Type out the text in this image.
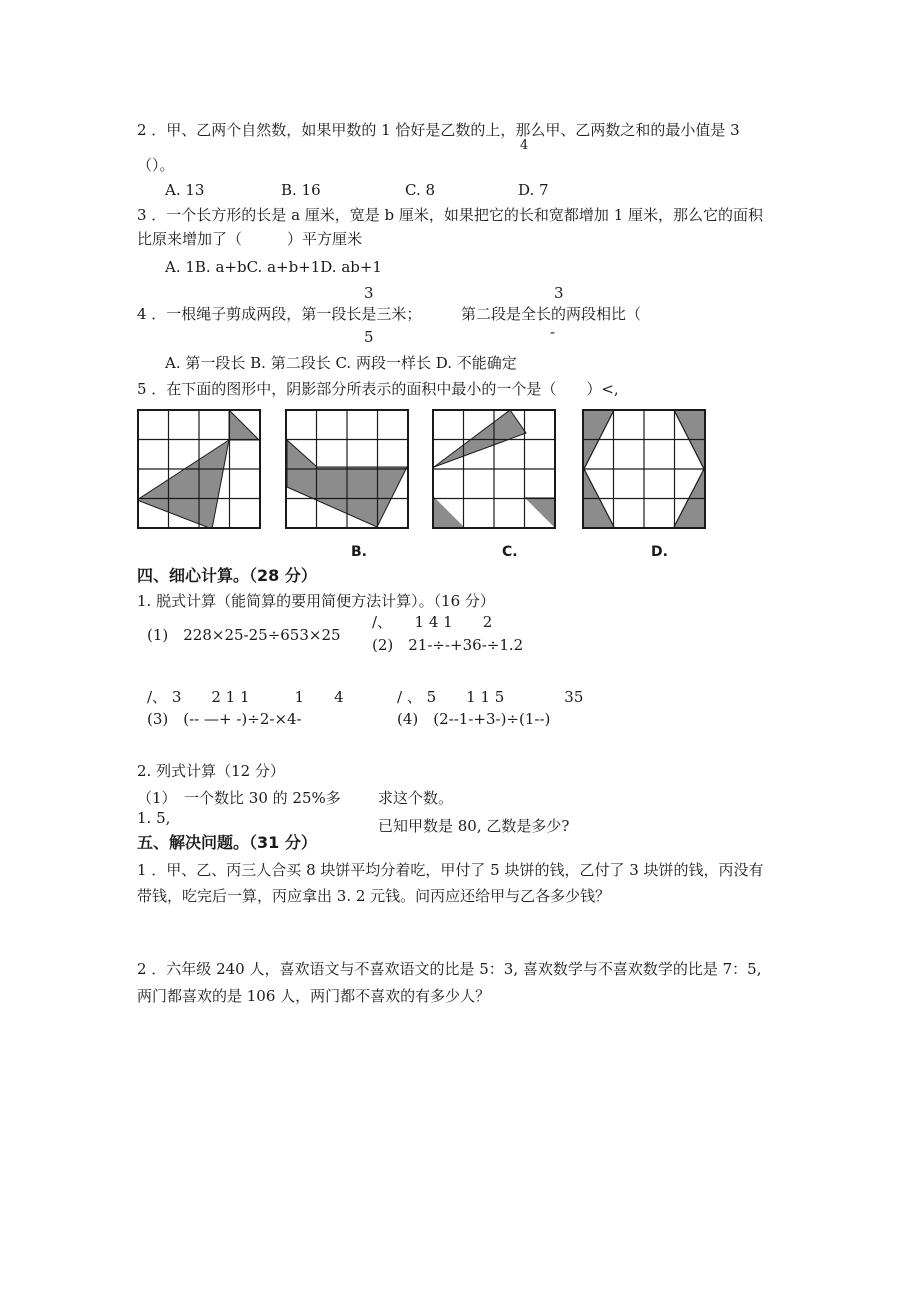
2 ．甲、乙两个自然数，如果甲数的 1 恰好是乙数的上，那么甲、乙两数之和的最小值是 3
4
（）。
A. 13	B. 16	C. 8	D. 7
3 ．一个长方形的长是 a 厘米，宽是 b 厘米，如果把它的长和宽都增加 1 厘米，那么它的面积
比原来增加了（　　　）平方厘米
A. 1B. a+bC. a+b+1D. ab+1
3	3
4 ．一根绳子剪成两段，第一段长是三米；	第二段是全长的两段相比（
5	-
A. 第一段长 B. 第二段长 C. 两段一样长 D. 不能确定
5 ．在下面的图形中，阴影部分所表示的面积中最小的一个是（　　）<,
B.	C.	D.
四、细心计算。（28 分）
1. 脱式计算（能简算的要用简便方法计算）。（16 分）
(1)　228×25-25÷653×25
/、　　1 4 1　　2
(2)　21-÷-+36-÷1.2
/、 3　　2 1 1　　　1　　4
(3)　(-- —+ -)÷2-×4-
/ 、 5　　1 1 5　　　　35
(4)　(2--1-+3-)÷(1--)
2. 列式计算（12 分）
（1）　一个数比 30 的 25%多 求这个数。
1. 5,	已知甲数是 80, 乙数是多少?
五、解决问题。（31 分）
1 ．甲、乙、丙三人合买 8 块饼平均分着吃，甲付了 5 块饼的钱，乙付了 3 块饼的钱，丙没有
带钱，吃完后一算，丙应拿出 3. 2 元钱。问丙应还给甲与乙各多少钱？
2 ．六年级 240 人，喜欢语文与不喜欢语文的比是 5：3, 喜欢数学与不喜欢数学的比是 7：5,
两门都喜欢的是 106 人，两门都不喜欢的有多少人？
